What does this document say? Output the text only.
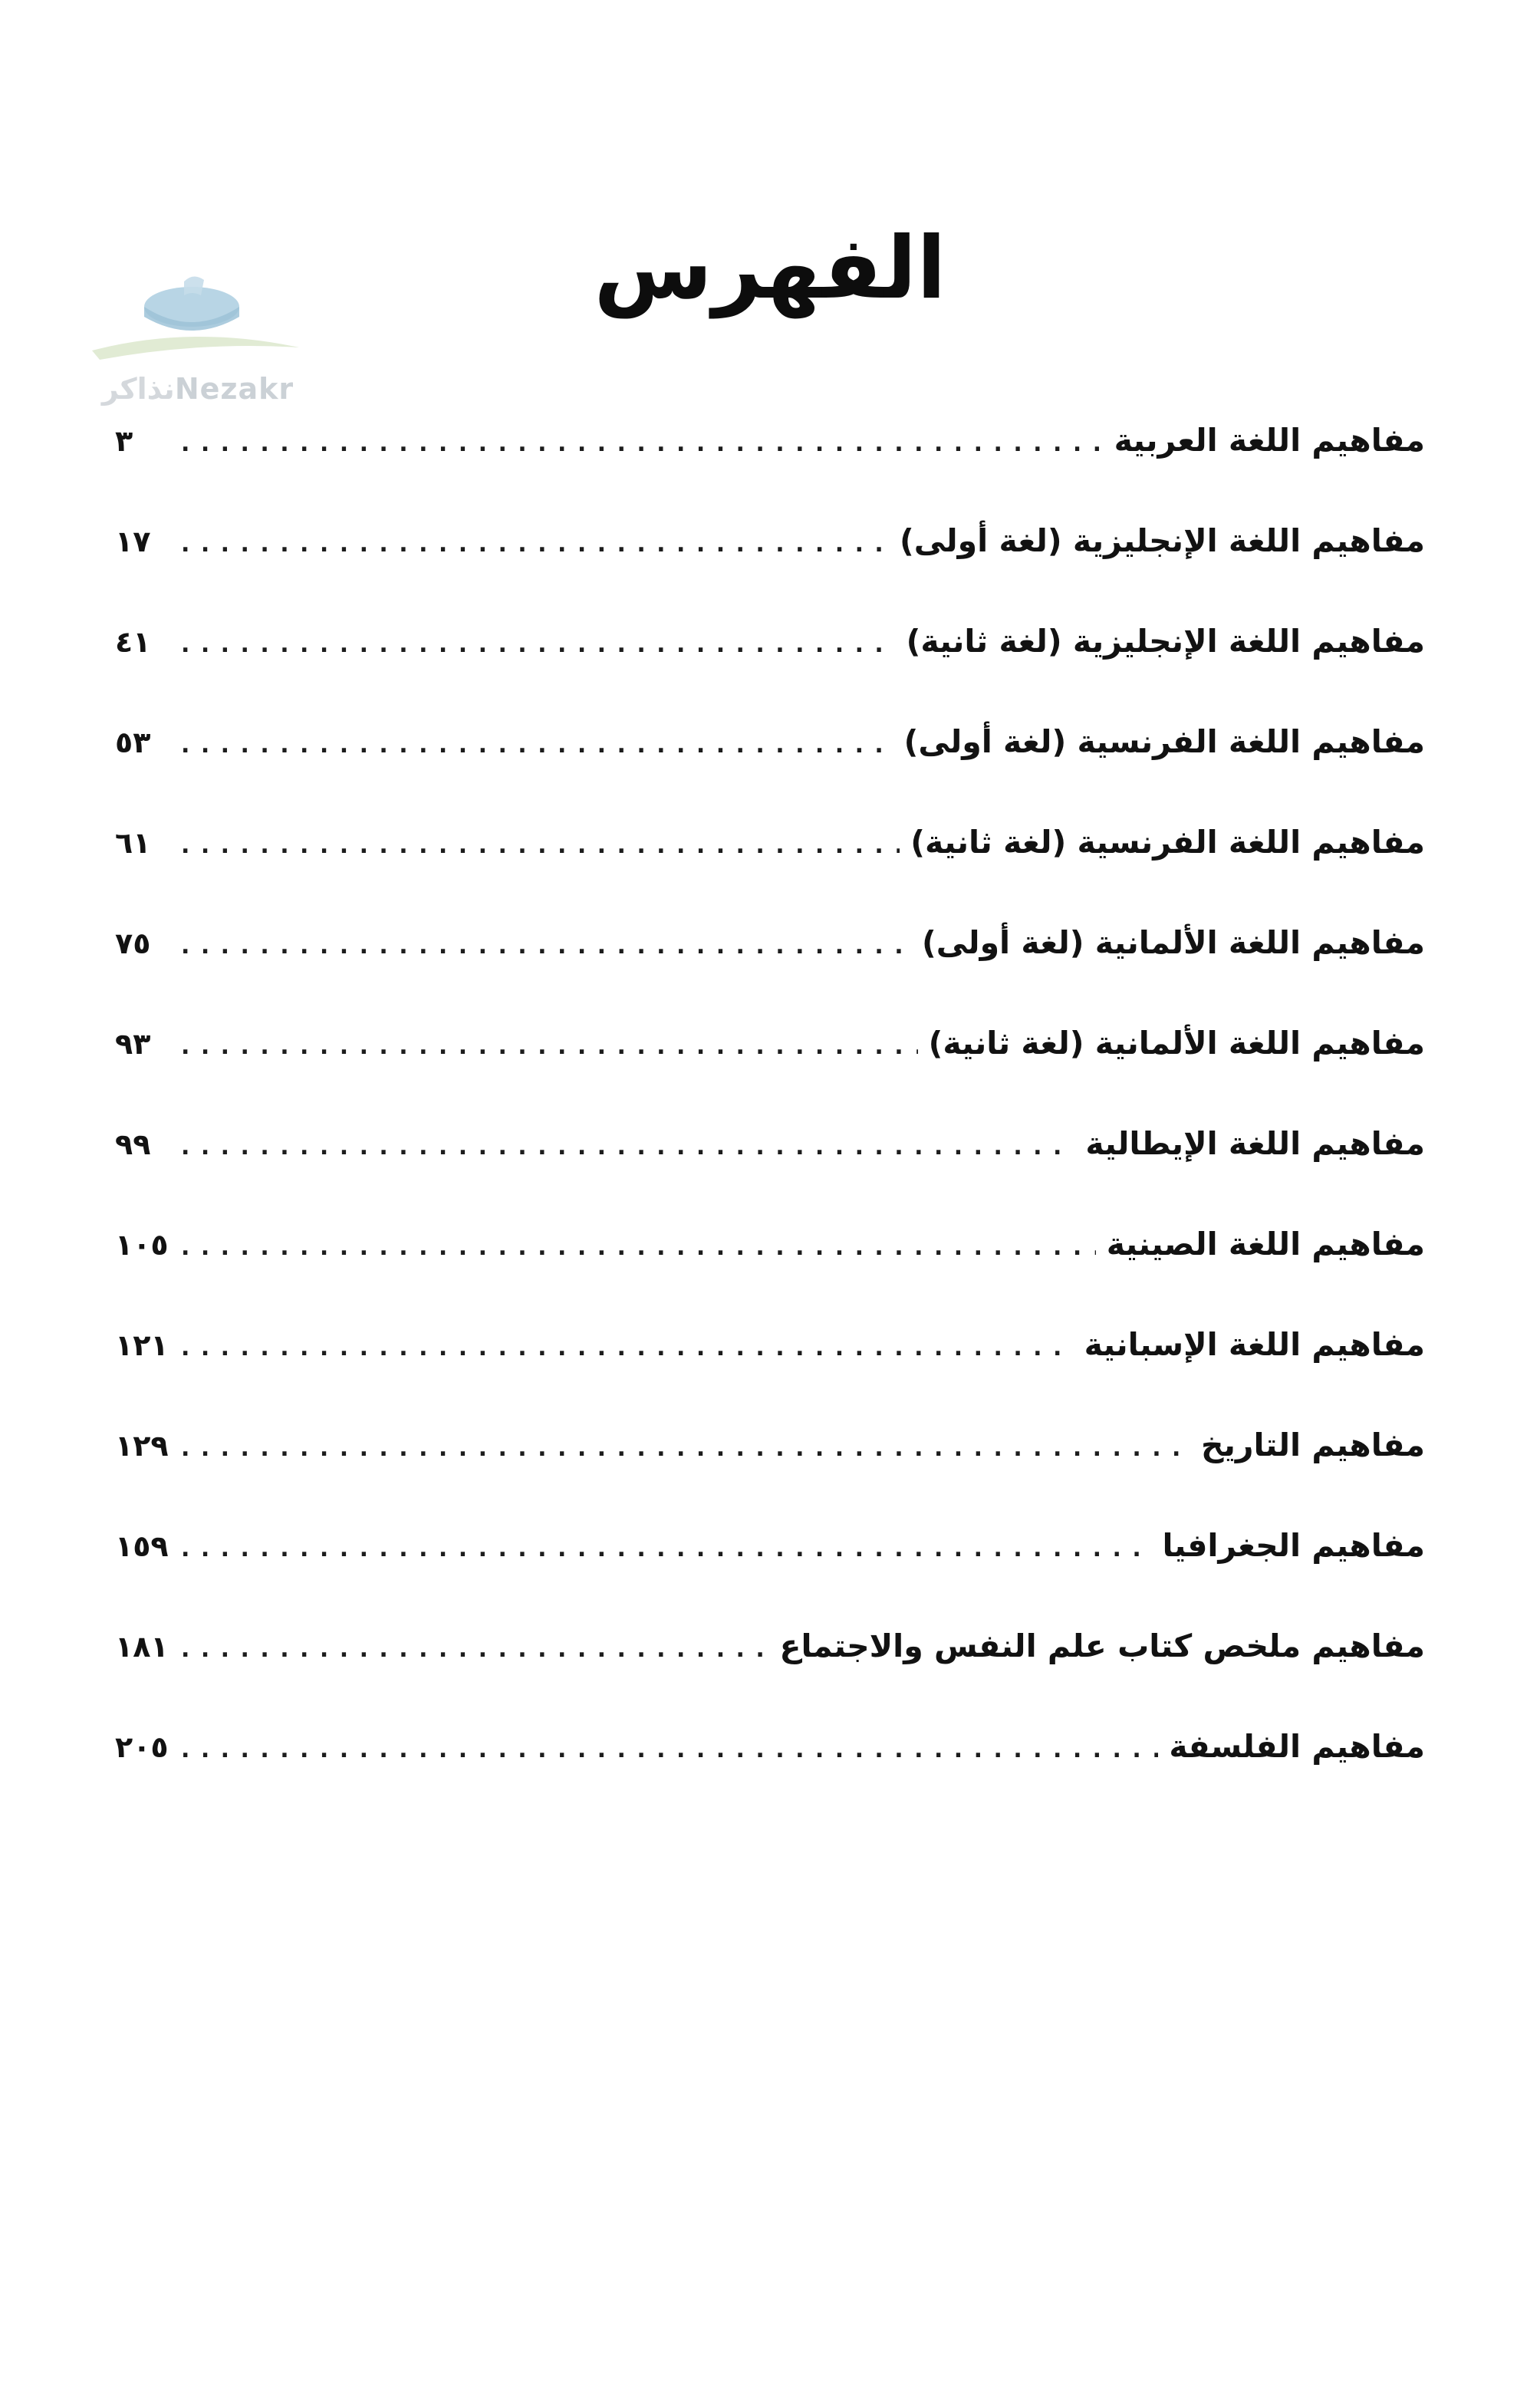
نذاكرNezakr
الفهرس
مفاهيم اللغة العربية
. . .
٣
مفاهيم اللغة الإنجليزية (لغة أولى)
. . .
١٧
مفاهيم اللغة الإنجليزية (لغة ثانية)
. . .
٤١
مفاهيم اللغة الفرنسية (لغة أولى)
. . .
٥٣
مفاهيم اللغة الفرنسية (لغة ثانية)
. . .
٦١
مفاهيم اللغة الألمانية (لغة أولى)
. . .
٧٥
مفاهيم اللغة الألمانية (لغة ثانية)
. . .
٩٣
مفاهيم اللغة الإيطالية
. . .
٩٩
مفاهيم اللغة الصينية
. . .
١٠٥
مفاهيم اللغة الإسبانية
. . .
١٢١
مفاهيم التاريخ
. . .
١٢٩
مفاهيم الجغرافيا
. . .
١٥٩
مفاهيم ملخص كتاب علم النفس والاجتماع
. . .
١٨١
مفاهيم الفلسفة
. . .
٢٠٥
